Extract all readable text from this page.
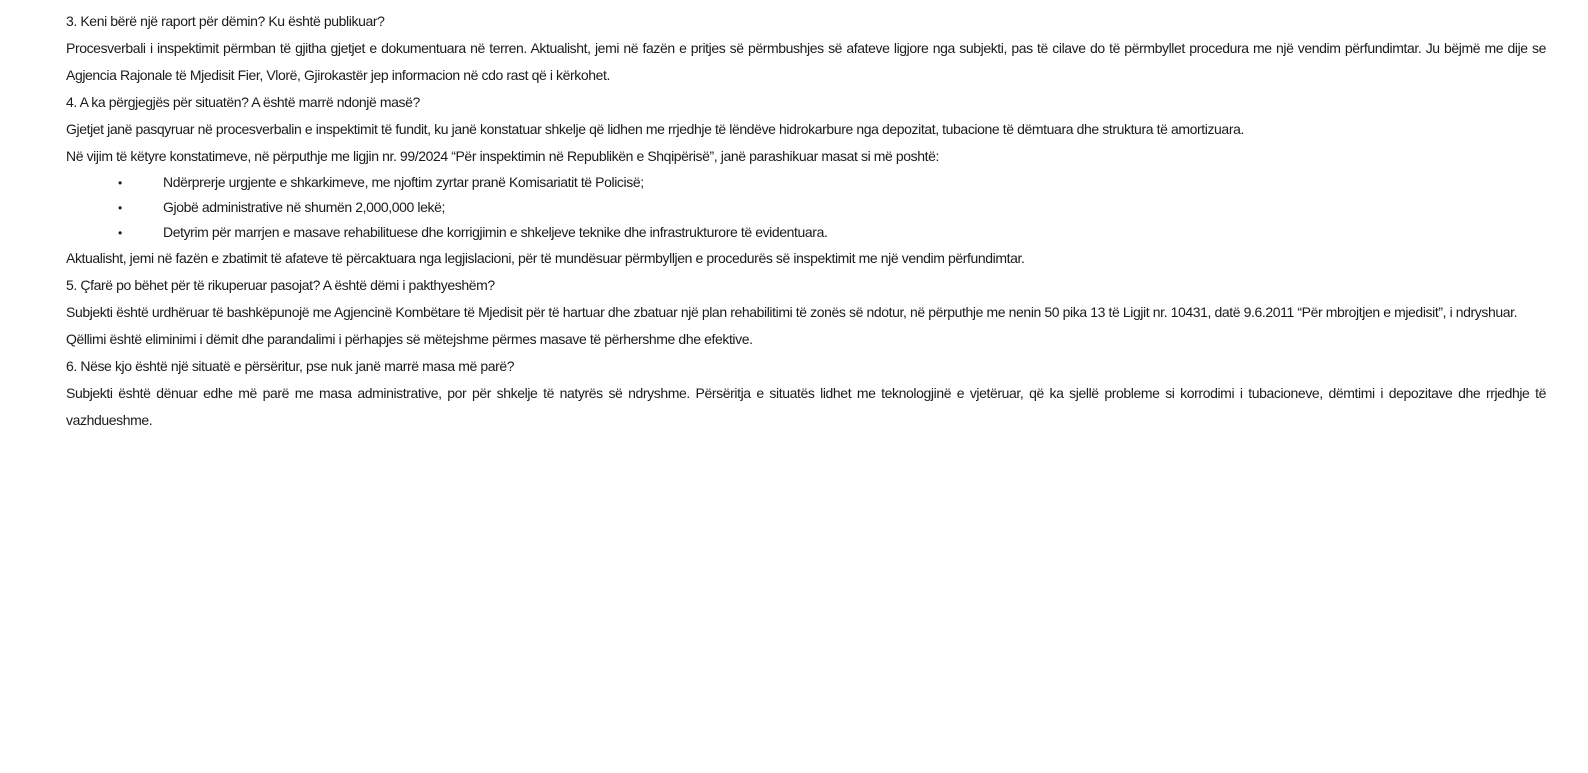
3. Keni bërë një raport për dëmin? Ku është publikuar?

Procesverbali i inspektimit përmban të gjitha gjetjet e dokumentuara në terren. Aktualisht, jemi në fazën e pritjes së përmbushjes së afateve ligjore nga subjekti, pas të cilave do të përmbyllet procedura me një vendim përfundimtar. Ju bëjmë me dije se Agjencia Rajonale të Mjedisit Fier, Vlorë, Gjirokastër jep informacion në cdo rast që i kërkohet.

4. A ka përgjegjës për situatën? A është marrë ndonjë masë?

Gjetjet janë pasqyruar në procesverbalin e inspektimit të fundit, ku janë konstatuar shkelje që lidhen me rrjedhje të lëndëve hidrokarbure nga depozitat, tubacione të dëmtuara dhe struktura të amortizuara.

Në vijim të këtyre konstatimeve, në përputhje me ligjin nr. 99/2024 “Për inspektimin në Republikën e Shqipërisë”, janë parashikuar masat si më poshtë:

•	Ndërprerje urgjente e shkarkimeve, me njoftim zyrtar pranë Komisariatit të Policisë;
•	Gjobë administrative në shumën 2,000,000 lekë;
•	Detyrim për marrjen e masave rehabilituese dhe korrigjimin e shkeljeve teknike dhe infrastrukturore të evidentuara.

Aktualisht, jemi në fazën e zbatimit të afateve të përcaktuara nga legjislacioni, për të mundësuar përmbylljen e procedurës së inspektimit me një vendim përfundimtar.

5. Çfarë po bëhet për të rikuperuar pasojat? A është dëmi i pakthyeshëm?

Subjekti është urdhëruar të bashkëpunojë me Agjencinë Kombëtare të Mjedisit për të hartuar dhe zbatuar një plan rehabilitimi të zonës së ndotur, në përputhje me nenin 50 pika 13 të Ligjit nr. 10431, datë 9.6.2011 “Për mbrojtjen e mjedisit”, i ndryshuar.

Qëllimi është eliminimi i dëmit dhe parandalimi i përhapjes së mëtejshme përmes masave të përhershme dhe efektive.

6. Nëse kjo është një situatë e përsëritur, pse nuk janë marrë masa më parë?

Subjekti është dënuar edhe më parë me masa administrative, por për shkelje të natyrës së ndryshme. Përsëritja e situatës lidhet me teknologjinë e vjetëruar, që ka sjellë probleme si korrodimi i tubacioneve, dëmtimi i depozitave dhe rrjedhje të vazhdueshme.
